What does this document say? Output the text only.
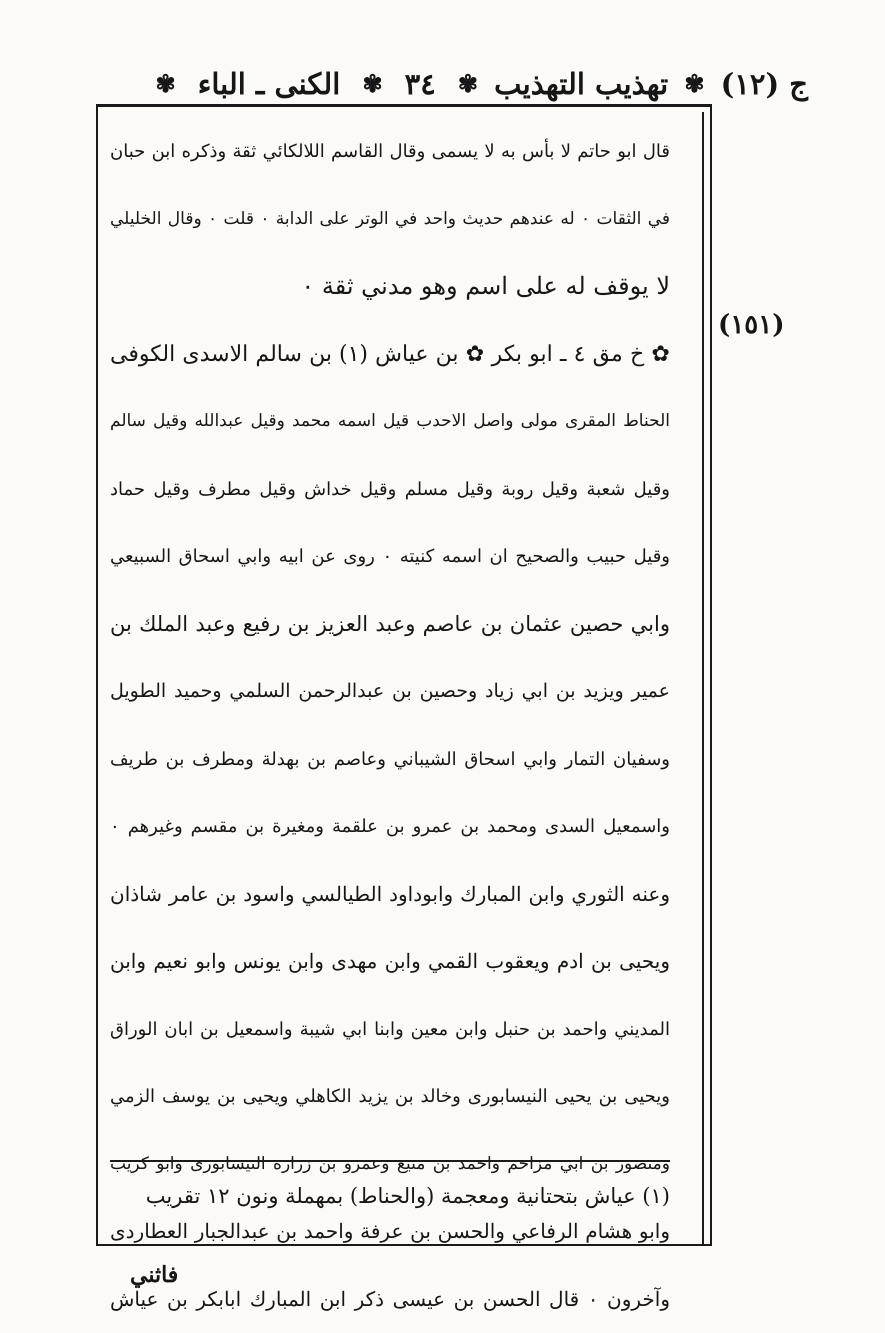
ج (١٢) ✾ تهذيب التهذيب ✾ ٣٤ ✾ الكنى ـ الباء ✾
(١٥١)
قال ابو حاتم لا بأس به لا يسمى وقال القاسم اللالكائي ثقة وذكره ابن حبان
في الثقات ٠ له عندهم حديث واحد في الوتر على الدابة ٠ قلت ٠ وقال الخليلي
لا يوقف له على اسم وهو مدني ثقة ٠
✿ خ مق ٤ ـ ابو بكر ✿ بن عياش (١) بن سالم الاسدى الكوفى
الحناط المقرى مولى واصل الاحدب قيل اسمه محمد وقيل عبدالله وقيل سالم
وقيل شعبة وقيل روبة وقيل مسلم وقيل خداش وقيل مطرف وقيل حماد
وقيل حبيب والصحيح ان اسمه كنيته ٠ روى عن ابيه وابي اسحاق السبيعي
وابي حصين عثمان بن عاصم وعبد العزيز بن رفيع وعبد الملك بن
عمير ويزيد بن ابي زياد وحصين بن عبدالرحمن السلمي وحميد الطويل
وسفيان التمار وابي اسحاق الشيباني وعاصم بن بهدلة ومطرف بن طريف
واسمعيل السدى ومحمد بن عمرو بن علقمة ومغيرة بن مقسم وغيرهم ٠
وعنه الثوري وابن المبارك وابوداود الطيالسي واسود بن عامر شاذان
ويحيى بن ادم ويعقوب القمي وابن مهدى وابن يونس وابو نعيم وابن
المديني واحمد بن حنبل وابن معين وابنا ابي شيبة واسمعيل بن ابان الوراق
ويحيى بن يحيى النيسابورى وخالد بن يزيد الكاهلي ويحيى بن يوسف الزمي
ومنصور بن ابي مزاحم واحمد بن منيع وعمرو بن زرارة النيسابورى وابو كريب
وابو هشام الرفاعي والحسن بن عرفة واحمد بن عبدالجبار العطاردى
وآخرون ٠ قال الحسن بن عيسى ذكر ابن المبارك ابابكر بن عياش
(١) عياش بتحتانية ومعجمة (والحناط) بمهملة ونون ١٢ تقريب
فاثني
